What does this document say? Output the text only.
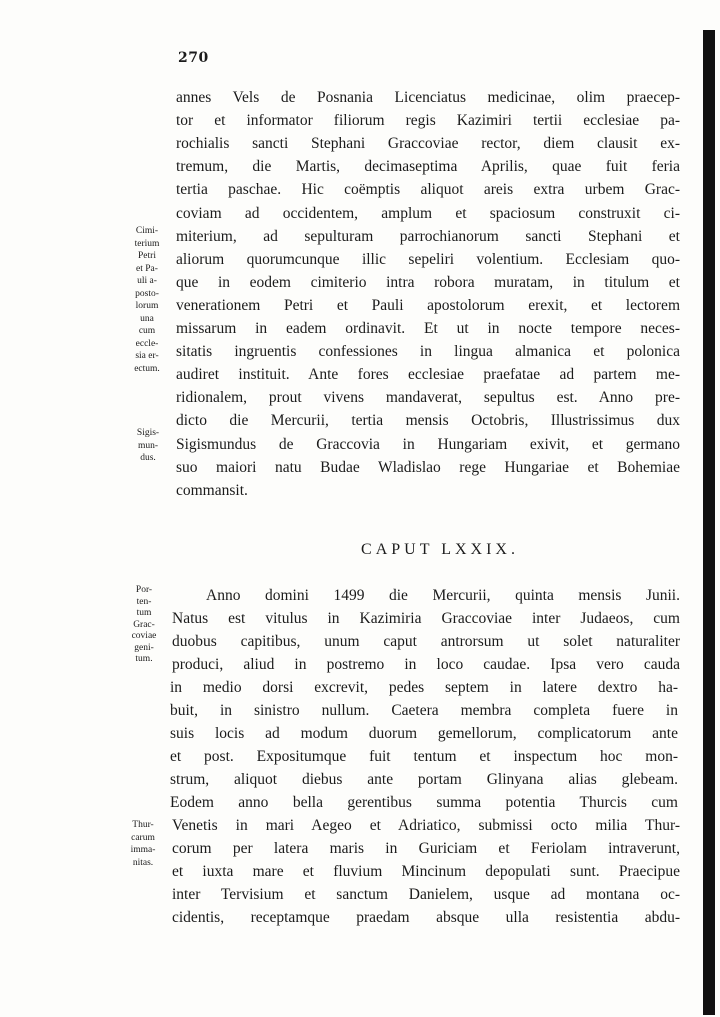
270
annes Vels de Posnania Licenciatus medicinae, olim praecep-
tor et informator filiorum regis Kazimiri tertii ecclesiae pa-
rochialis sancti Stephani Graccoviae rector, diem clausit ex-
tremum, die Martis, decimaseptima Aprilis, quae fuit feria
tertia paschae. Hic coëmptis aliquot areis extra urbem Grac-
coviam ad occidentem, amplum et spaciosum construxit ci-
miterium, ad sepulturam parrochianorum sancti Stephani et
aliorum quorumcunque illic sepeliri volentium. Ecclesiam quo-
que in eodem cimiterio intra robora muratam, in titulum et
venerationem Petri et Pauli apostolorum erexit, et lectorem
missarum in eadem ordinavit. Et ut in nocte tempore neces-
sitatis ingruentis confessiones in lingua almanica et polonica
audiret instituit. Ante fores ecclesiae praefatae ad partem me-
ridionalem, prout vivens mandaverat, sepultus est. Anno pre-
dicto die Mercurii, tertia mensis Octobris, Illustrissimus dux
Sigismundus de Graccovia in Hungariam exivit, et germano
suo maiori natu Budae Wladislao rege Hungariae et Bohemiae
commansit.
CAPUT LXXIX.
Anno domini 1499 die Mercurii, quinta mensis Junii.
Natus est vitulus in Kazimiria Graccoviae inter Judaeos, cum
duobus capitibus, unum caput antrorsum ut solet naturaliter
produci, aliud in postremo in loco caudae. Ipsa vero cauda
in medio dorsi excrevit, pedes septem in latere dextro ha-
buit, in sinistro nullum. Caetera membra completa fuere in
suis locis ad modum duorum gemellorum, complicatorum ante
et post. Expositumque fuit tentum et inspectum hoc mon-
strum, aliquot diebus ante portam Glinyana alias glebeam.
Eodem anno bella gerentibus summa potentia Thurcis cum
Venetis in mari Aegeo et Adriatico, submissi octo milia Thur-
corum per latera maris in Guriciam et Feriolam intraverunt,
et iuxta mare et fluvium Mincinum depopulati sunt. Praecipue
inter Tervisium et sanctum Danielem, usque ad montana oc-
cidentis, receptamque praedam absque ulla resistentia abdu-
Cimi-
terium
Petri
et Pa-
uli a-
posto-
lorum
una
cum
eccle-
sia er-
ectum.
Sigis-
mun-
dus.
Por-
ten-
tum
Grac-
coviae
geni-
tum.
Thur-
carum
imma-
nitas.
